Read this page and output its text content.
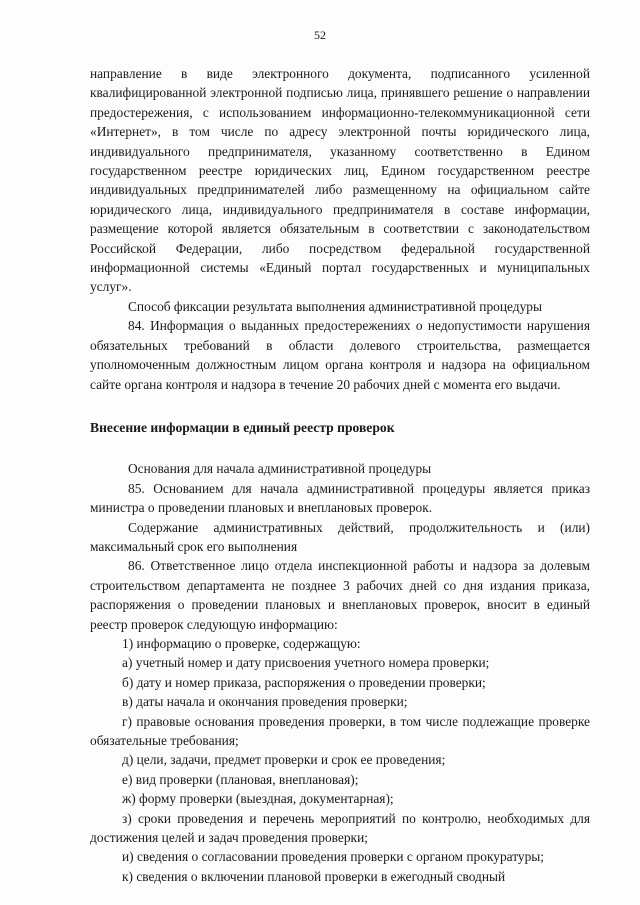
52

направление в виде электронного документа, подписанного усиленной квалифицированной электронной подписью лица, принявшего решение о направлении предостережения, с использованием информационно-телекоммуникационной сети «Интернет», в том числе по адресу электронной почты юридического лица, индивидуального предпринимателя, указанному соответственно в Едином государственном реестре юридических лиц, Едином государственном реестре индивидуальных предпринимателей либо размещенному на официальном сайте юридического лица, индивидуального предпринимателя в составе информации, размещение которой является обязательным в соответствии с законодательством Российской Федерации, либо посредством федеральной государственной информационной системы «Единый портал государственных и муниципальных услуг».

Способ фиксации результата выполнения административной процедуры

84. Информация о выданных предостережениях о недопустимости нарушения обязательных требований в области долевого строительства, размещается уполномоченным должностным лицом органа контроля и надзора на официальном сайте органа контроля и надзора в течение 20 рабочих дней с момента его выдачи.

Внесение информации в единый реестр проверок

Основания для начала административной процедуры

85. Основанием для начала административной процедуры является приказ министра о проведении плановых и внеплановых проверок.

Содержание административных действий, продолжительность и (или) максимальный срок его выполнения

86. Ответственное лицо отдела инспекционной работы и надзора за долевым строительством департамента не позднее 3 рабочих дней со дня издания приказа, распоряжения о проведении плановых и внеплановых проверок, вносит в единый реестр проверок следующую информацию:

1) информацию о проверке, содержащую:

а) учетный номер и дату присвоения учетного номера проверки;

б) дату и номер приказа, распоряжения о проведении проверки;

в) даты начала и окончания проведения проверки;

г) правовые основания проведения проверки, в том числе подлежащие проверке обязательные требования;

д) цели, задачи, предмет проверки и срок ее проведения;

е) вид проверки (плановая, внеплановая);

ж) форму проверки (выездная, документарная);

з) сроки проведения и перечень мероприятий по контролю, необходимых для достижения целей и задач проведения проверки;

и) сведения о согласовании проведения проверки с органом прокуратуры;

к) сведения о включении плановой проверки в ежегодный сводный
